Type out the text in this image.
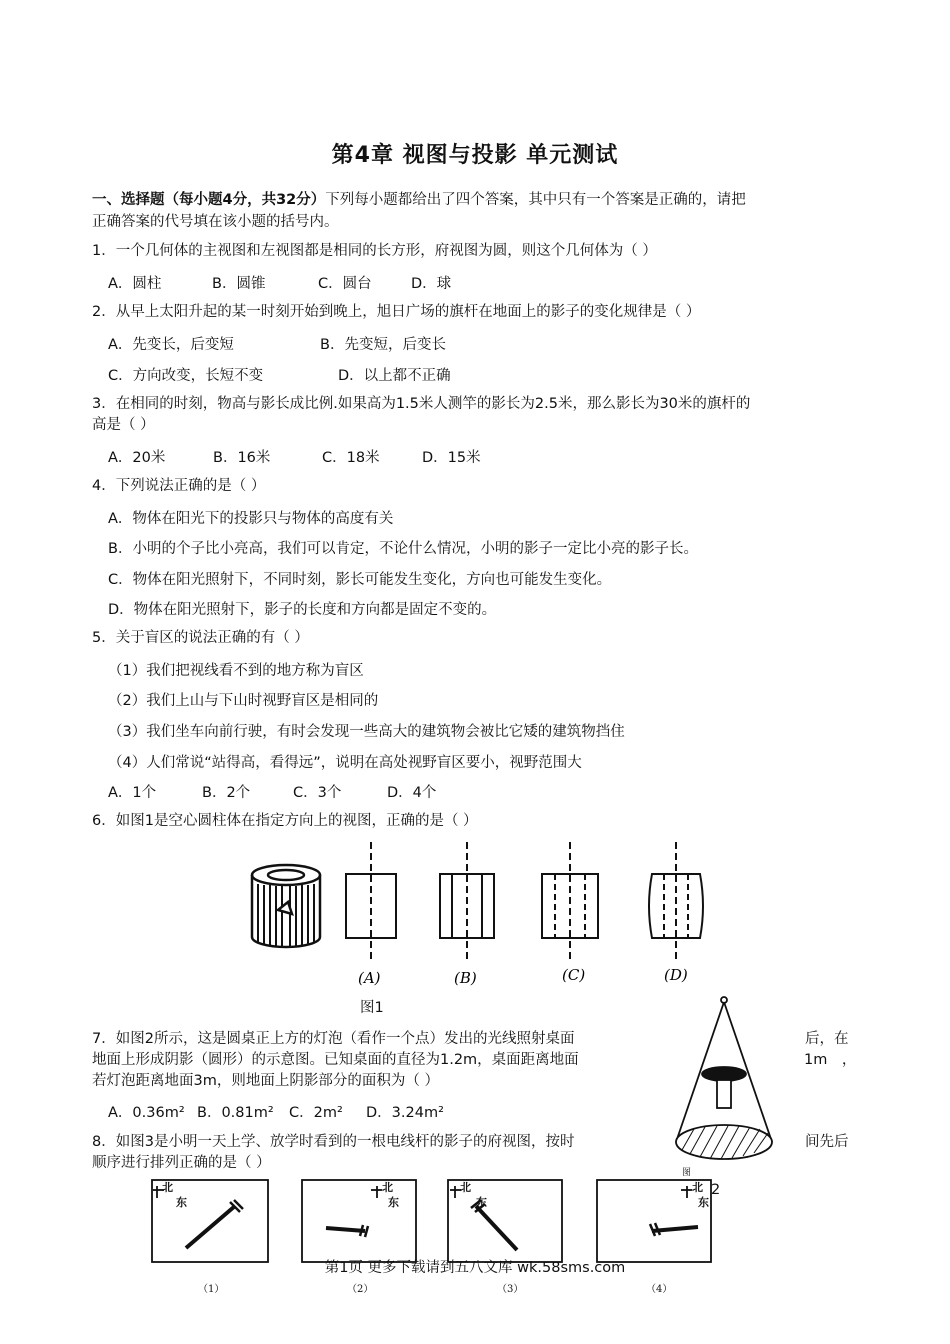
第4章 视图与投影 单元测试
一、选择题（每小题4分，共32分）下列每小题都给出了四个答案，其中只有一个答案是正确的，请把
正确答案的代号填在该小题的括号内。
1．一个几何体的主视图和左视图都是相同的长方形，府视图为圆，则这个几何体为（ ）
A．圆柱	B．圆锥	C．圆台	D．球
2．从早上太阳升起的某一时刻开始到晚上，旭日广场的旗杆在地面上的影子的变化规律是（ ）
A．先变长，后变短	B．先变短，后变长
C．方向改变，长短不变	D．以上都不正确
3．在相同的时刻，物高与影长成比例.如果高为1.5米人测竿的影长为2.5米，那么影长为30米的旗杆的
高是（ ）
A．20米	B．16米	C．18米	D．15米
4．下列说法正确的是（ ）
A．物体在阳光下的投影只与物体的高度有关
B．小明的个子比小亮高，我们可以肯定，不论什么情况，小明的影子一定比小亮的影子长。
C．物体在阳光照射下，不同时刻，影长可能发生变化，方向也可能发生变化。
D．物体在阳光照射下，影子的长度和方向都是固定不变的。
5．关于盲区的说法正确的有（ ）
（1）我们把视线看不到的地方称为盲区
（2）我们上山与下山时视野盲区是相同的
（3）我们坐车向前行驶，有时会发现一些高大的建筑物会被比它矮的建筑物挡住
（4）人们常说“站得高，看得远”，说明在高处视野盲区要小，视野范围大
A．1个	B．2个	C．3个	D．4个
6．如图1是空心圆柱体在指定方向上的视图，正确的是（ ）
(A)	(B)	(C)	(D)
图1
7．如图2所示，这是圆桌正上方的灯泡（看作一个点）发出的光线照射桌面	后，在
地面上形成阴影（圆形）的示意图。已知桌面的直径为1.2m，桌面距离地面	1m　，
若灯泡距离地面3m，则地面上阴影部分的面积为（ ）
A．0.36m² B．0.81m² C．2m² D．3.24m²
图
2
8．如图3是小明一天上学、放学时看到的一根电线杆的影子的府视图，按时	间先后
顺序进行排列正确的是（ ）
北
东
北
东
北
东
北
东
（1）	（2）	（3）	（4）
第1页 更多下载请到五八文库 wk.58sms.com
